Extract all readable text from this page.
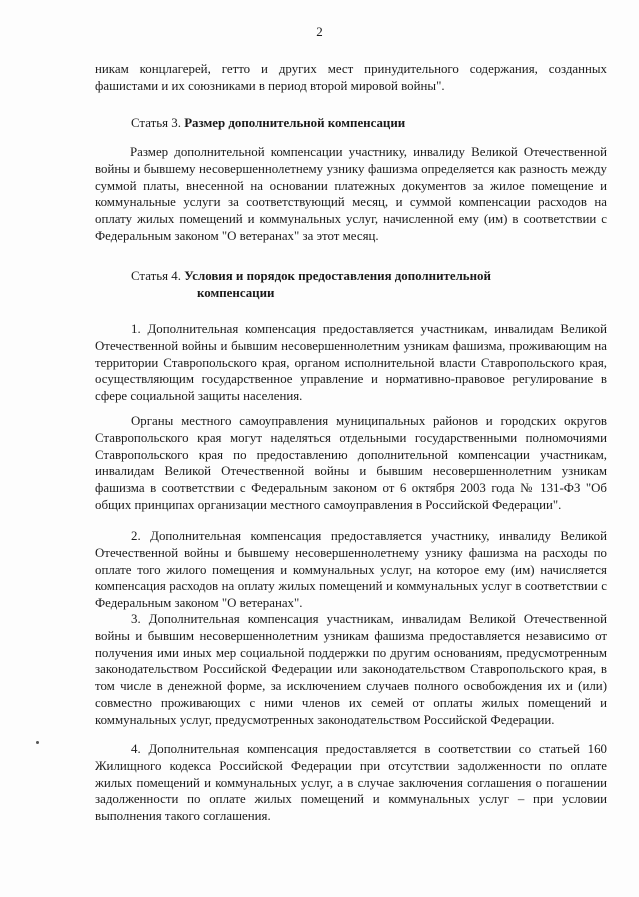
2

никам концлагерей, гетто и других мест принудительного содержания, созданных фашистами и их союзниками в период второй мировой войны".

Статья 3. Размер дополнительной компенсации

Размер дополнительной компенсации участнику, инвалиду Великой Отечественной войны и бывшему несовершеннолетнему узнику фашизма определяется как разность между суммой платы, внесенной на основании платежных документов за жилое помещение и коммунальные услуги за соответствующий месяц, и суммой компенсации расходов на оплату жилых помещений и коммунальных услуг, начисленной ему (им) в соответствии с Федеральным законом "О ветеранах" за этот месяц.

Статья 4. Условия и порядок предоставления дополнительной
компенсации

1. Дополнительная компенсация предоставляется участникам, инвалидам Великой Отечественной войны и бывшим несовершеннолетним узникам фашизма, проживающим на территории Ставропольского края, органом исполнительной власти Ставропольского края, осуществляющим государственное управление и нормативно-правовое регулирование в сфере социальной защиты населения.

Органы местного самоуправления муниципальных районов и городских округов Ставропольского края могут наделяться отдельными государственными полномочиями Ставропольского края по предоставлению дополнительной компенсации участникам, инвалидам Великой Отечественной войны и бывшим несовершеннолетним узникам фашизма в соответствии с Федеральным законом от 6 октября 2003 года № 131-ФЗ "Об общих принципах организации местного самоуправления в Российской Федерации".

2. Дополнительная компенсация предоставляется участнику, инвалиду Великой Отечественной войны и бывшему несовершеннолетнему узнику фашизма на расходы по оплате того жилого помещения и коммунальных услуг, на которое ему (им) начисляется компенсация расходов на оплату жилых помещений и коммунальных услуг в соответствии с Федеральным законом "О ветеранах".

3. Дополнительная компенсация участникам, инвалидам Великой Отечественной войны и бывшим несовершеннолетним узникам фашизма предоставляется независимо от получения ими иных мер социальной поддержки по другим основаниям, предусмотренным законодательством Российской Федерации или законодательством Ставропольского края, в том числе в денежной форме, за исключением случаев полного освобождения их и (или) совместно проживающих с ними членов их семей от оплаты жилых помещений и коммунальных услуг, предусмотренных законодательством Российской Федерации.

4. Дополнительная компенсация предоставляется в соответствии со статьей 160 Жилищного кодекса Российской Федерации при отсутствии задолженности по оплате жилых помещений и коммунальных услуг, а в случае заключения соглашения о погашении задолженности по оплате жилых помещений и коммунальных услуг – при условии выполнения такого соглашения.
